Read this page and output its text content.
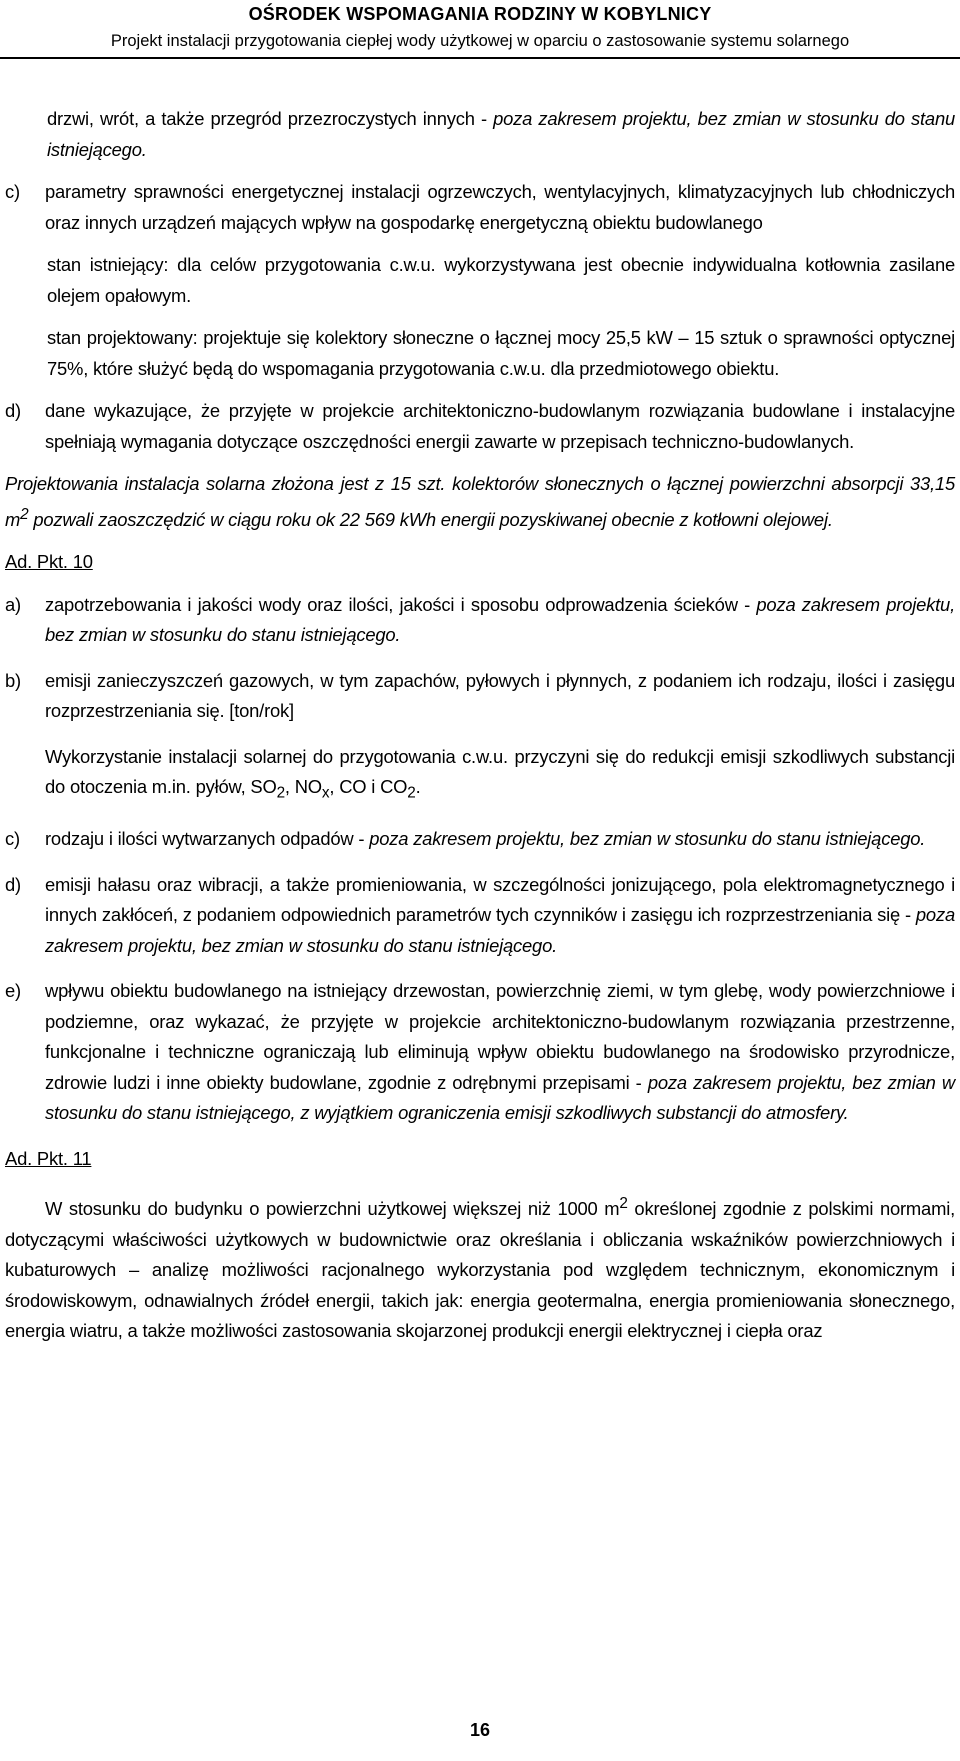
OŚRODEK WSPOMAGANIA RODZINY W KOBYLNICY
Projekt instalacji przygotowania ciepłej wody użytkowej w oparciu o zastosowanie systemu solarnego

drzwi, wrót, a także przegród przezroczystych innych - poza zakresem projektu, bez zmian w stosunku do stanu istniejącego.

c) parametry sprawności energetycznej instalacji ogrzewczych, wentylacyjnych, klimatyzacyjnych lub chłodniczych oraz innych urządzeń mających wpływ na gospodarkę energetyczną obiektu budowlanego

stan istniejący: dla celów przygotowania c.w.u. wykorzystywana jest obecnie indywidualna kotłownia zasilane olejem opałowym.

stan projektowany: projektuje się kolektory słoneczne o łącznej mocy 25,5 kW – 15 sztuk o sprawności optycznej 75%, które służyć będą do wspomagania przygotowania c.w.u. dla przedmiotowego obiektu.

d) dane wykazujące, że przyjęte w projekcie architektoniczno-budowlanym rozwiązania budowlane i instalacyjne spełniają wymagania dotyczące oszczędności energii zawarte w przepisach techniczno-budowlanych.

Projektowania instalacja solarna złożona jest z 15 szt. kolektorów słonecznych o łącznej powierzchni absorpcji 33,15 $m^2$ pozwali zaoszczędzić w ciągu roku ok 22 569 kWh energii pozyskiwanej obecnie z kotłowni olejowej.

Ad. Pkt. 10

a) zapotrzebowania i jakości wody oraz ilości, jakości i sposobu odprowadzenia ścieków - poza zakresem projektu, bez zmian w stosunku do stanu istniejącego.
b) emisji zanieczyszczeń gazowych, w tym zapachów, pyłowych i płynnych, z podaniem ich rodzaju, ilości i zasięgu rozprzestrzeniania się. [ton/rok]

Wykorzystanie instalacji solarnej do przygotowania c.w.u. przyczyni się do redukcji emisji szkodliwych substancji do otoczenia m.in. pyłów, $SO_2$, $NO_x$, CO i $CO_2$.

c) rodzaju i ilości wytwarzanych odpadów - poza zakresem projektu, bez zmian w stosunku do stanu istniejącego.
d) emisji hałasu oraz wibracji, a także promieniowania, w szczególności jonizującego, pola elektromagnetycznego i innych zakłóceń, z podaniem odpowiednich parametrów tych czynników i zasięgu ich rozprzestrzeniania się - poza zakresem projektu, bez zmian w stosunku do stanu istniejącego.
e) wpływu obiektu budowlanego na istniejący drzewostan, powierzchnię ziemi, w tym glebę, wody powierzchniowe i podziemne, oraz wykazać, że przyjęte w projekcie architektoniczno-budowlanym rozwiązania przestrzenne, funkcjonalne i techniczne ograniczają lub eliminują wpływ obiektu budowlanego na środowisko przyrodnicze, zdrowie ludzi i inne obiekty budowlane, zgodnie z odrębnymi przepisami - poza zakresem projektu, bez zmian w stosunku do stanu istniejącego, z wyjątkiem ograniczenia emisji szkodliwych substancji do atmosfery.

Ad. Pkt. 11

W stosunku do budynku o powierzchni użytkowej większej niż 1000 $m^2$ określonej zgodnie z polskimi normami, dotyczącymi właściwości użytkowych w budownictwie oraz określania i obliczania wskaźników powierzchniowych i kubaturowych – analizę możliwości racjonalnego wykorzystania pod względem technicznym, ekonomicznym i środowiskowym, odnawialnych źródeł energii, takich jak: energia geotermalna, energia promieniowania słonecznego, energia wiatru, a także możliwości zastosowania skojarzonej produkcji energii elektrycznej i ciepła oraz

16
